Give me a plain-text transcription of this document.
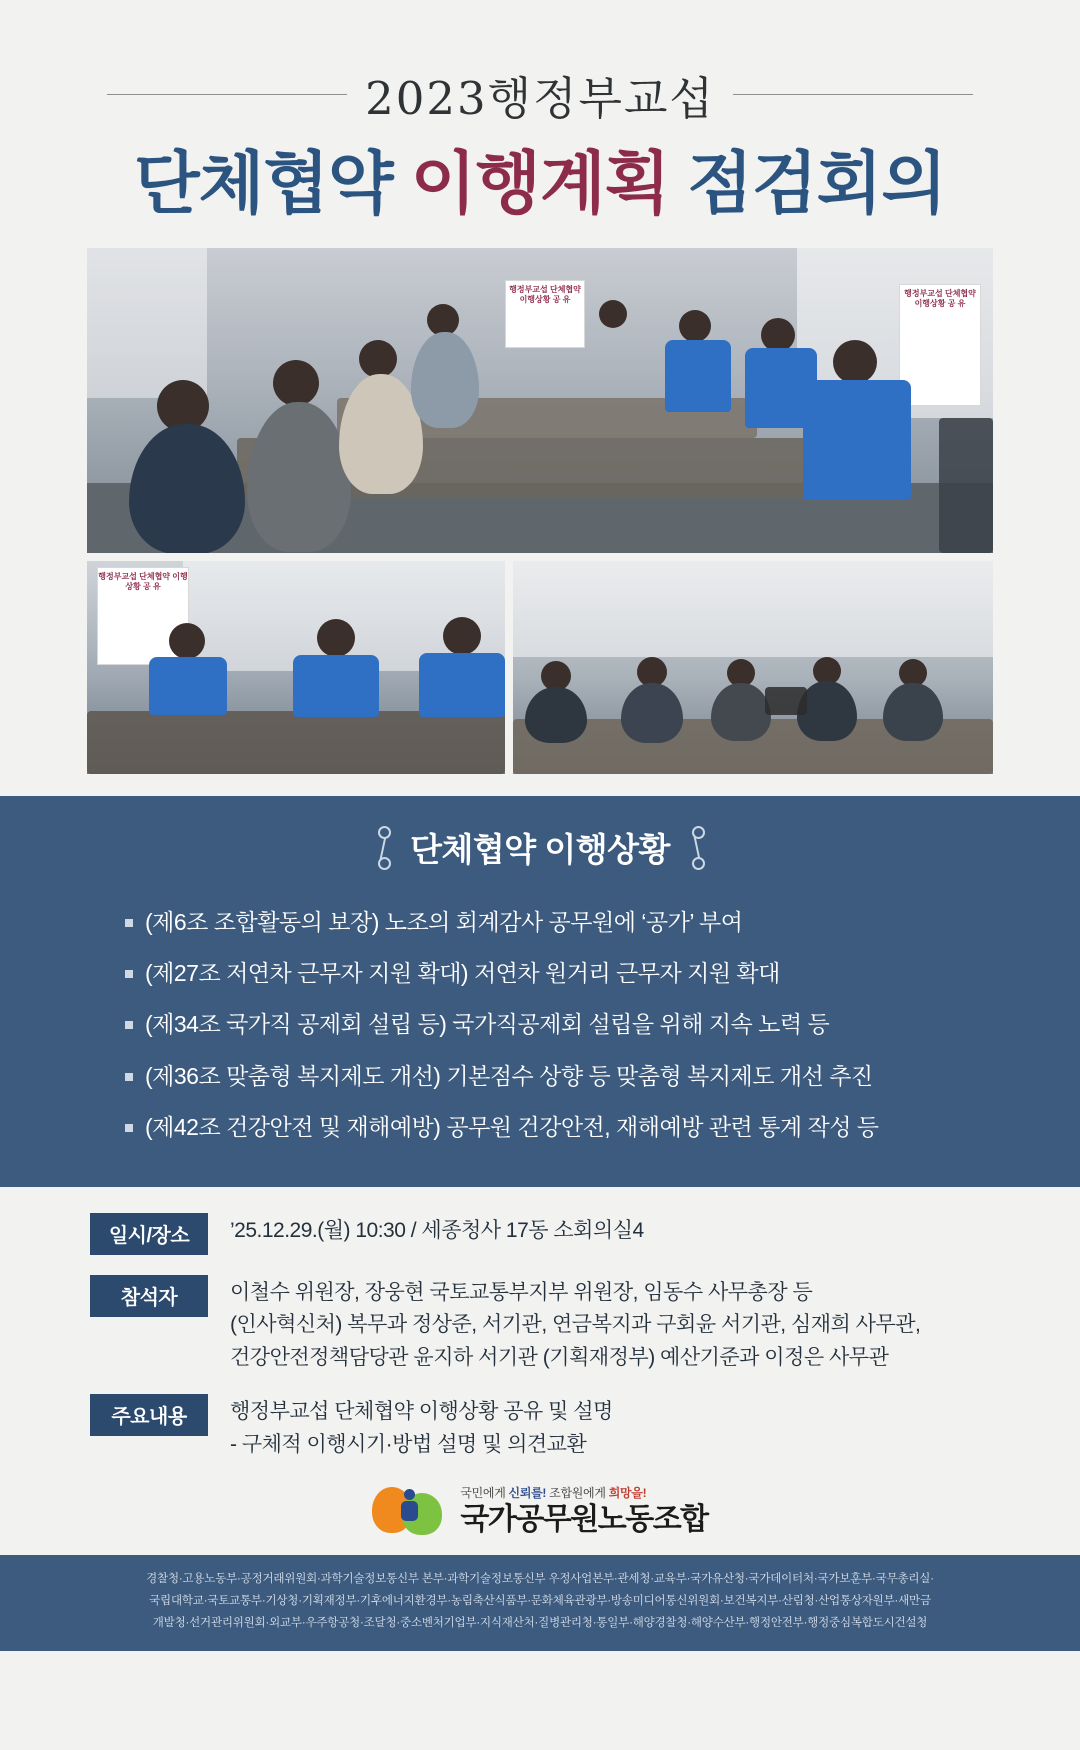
2023행정부교섭
단체협약 이행계획 점검회의
행정부교섭 단체협약 이행상황 공 유
행정부교섭 단체협약 이행상황 공 유
행정부교섭 단체협약 이행상황 공 유
단체협약 이행상황
(제6조 조합활동의 보장) 노조의 회계감사 공무원에 ‘공가’ 부여
(제27조 저연차 근무자 지원 확대) 저연차 원거리 근무자 지원 확대
(제34조 국가직 공제회 설립 등) 국가직공제회 설립을 위해 지속 노력 등
(제36조 맞춤형 복지제도 개선) 기본점수 상향 등 맞춤형 복지제도 개선 추진
(제42조 건강안전 및 재해예방) 공무원 건강안전, 재해예방 관련 통계 작성 등
일시/장소	’25.12.29.(월) 10:30 / 세종청사 17동 소회의실4
참석자	이철수 위원장, 장웅현 국토교통부지부 위원장, 임동수 사무총장 등
(인사혁신처) 복무과 정상준, 서기관, 연금복지과 구회윤 서기관, 심재희 사무관,
건강안전정책담당관 윤지하 서기관 (기획재정부) 예산기준과 이정은 사무관
주요내용	행정부교섭 단체협약 이행상황 공유 및 설명
- 구체적 이행시기·방법 설명 및 의견교환
국민에게 신뢰를! 조합원에게 희망을!
국가공무원노동조합
경찰청·고용노동부·공정거래위원회·과학기술정보통신부 본부·과학기술정보통신부 우정사업본부·관세청·교육부·국가유산청·국가데이터처·국가보훈부·국무총리실·
국립대학교·국토교통부·기상청·기획재정부·기후에너지환경부·농림축산식품부·문화체육관광부·방송미디어통신위원회·보건복지부·산림청·산업통상자원부·새만금
개발청·선거관리위원회·외교부·우주항공청·조달청·중소벤처기업부·지식재산처·질병관리청·통일부·해양경찰청·해양수산부·행정안전부·행정중심복합도시건설청
